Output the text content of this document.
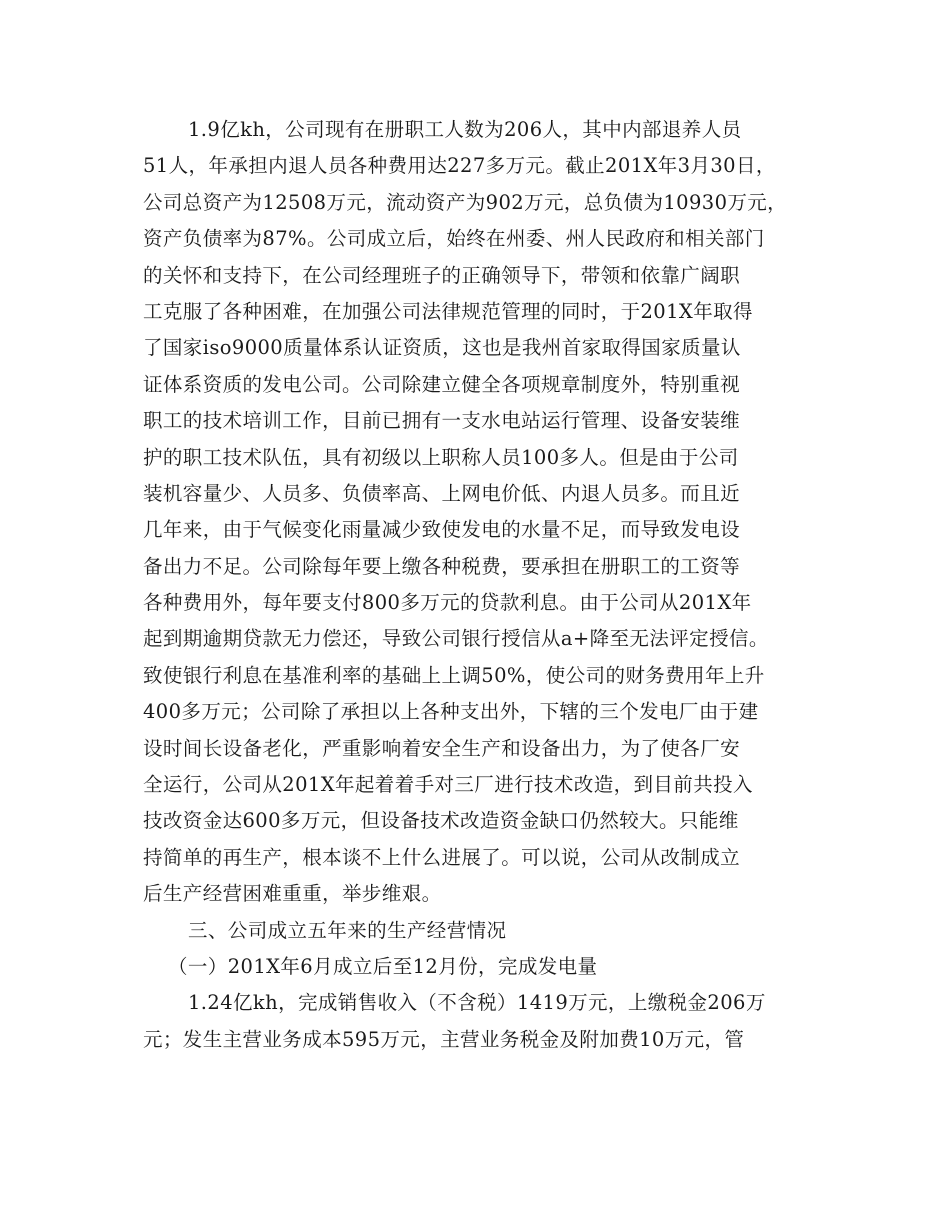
1.9亿kh，公司现有在册职工人数为206人，其中内部退养人员
51人，年承担内退人员各种费用达227多万元。截止201X年3月30日，
公司总资产为12508万元，流动资产为902万元，总负债为10930万元，
资产负债率为87%。公司成立后，始终在州委、州人民政府和相关部门
的关怀和支持下，在公司经理班子的正确领导下，带领和依靠广阔职
工克服了各种困难，在加强公司法律规范管理的同时，于201X年取得
了国家iso9000质量体系认证资质，这也是我州首家取得国家质量认
证体系资质的发电公司。公司除建立健全各项规章制度外，特别重视
职工的技术培训工作，目前已拥有一支水电站运行管理、设备安装维
护的职工技术队伍，具有初级以上职称人员100多人。但是由于公司
装机容量少、人员多、负债率高、上网电价低、内退人员多。而且近
几年来，由于气候变化雨量减少致使发电的水量不足，而导致发电设
备出力不足。公司除每年要上缴各种税费，要承担在册职工的工资等
各种费用外，每年要支付800多万元的贷款利息。由于公司从201X年
起到期逾期贷款无力偿还，导致公司银行授信从a+降至无法评定授信。
致使银行利息在基准利率的基础上上调50%，使公司的财务费用年上升
400多万元；公司除了承担以上各种支出外，下辖的三个发电厂由于建
设时间长设备老化，严重影响着安全生产和设备出力，为了使各厂安
全运行，公司从201X年起着着手对三厂进行技术改造，到目前共投入
技改资金达600多万元，但设备技术改造资金缺口仍然较大。只能维
持简单的再生产，根本谈不上什么进展了。可以说，公司从改制成立
后生产经营困难重重，举步维艰。
三、公司成立五年来的生产经营情况
（一）201X年6月成立后至12月份，完成发电量
1.24亿kh，完成销售收入（不含税）1419万元，上缴税金206万
元；发生主营业务成本595万元，主营业务税金及附加费10万元，管
